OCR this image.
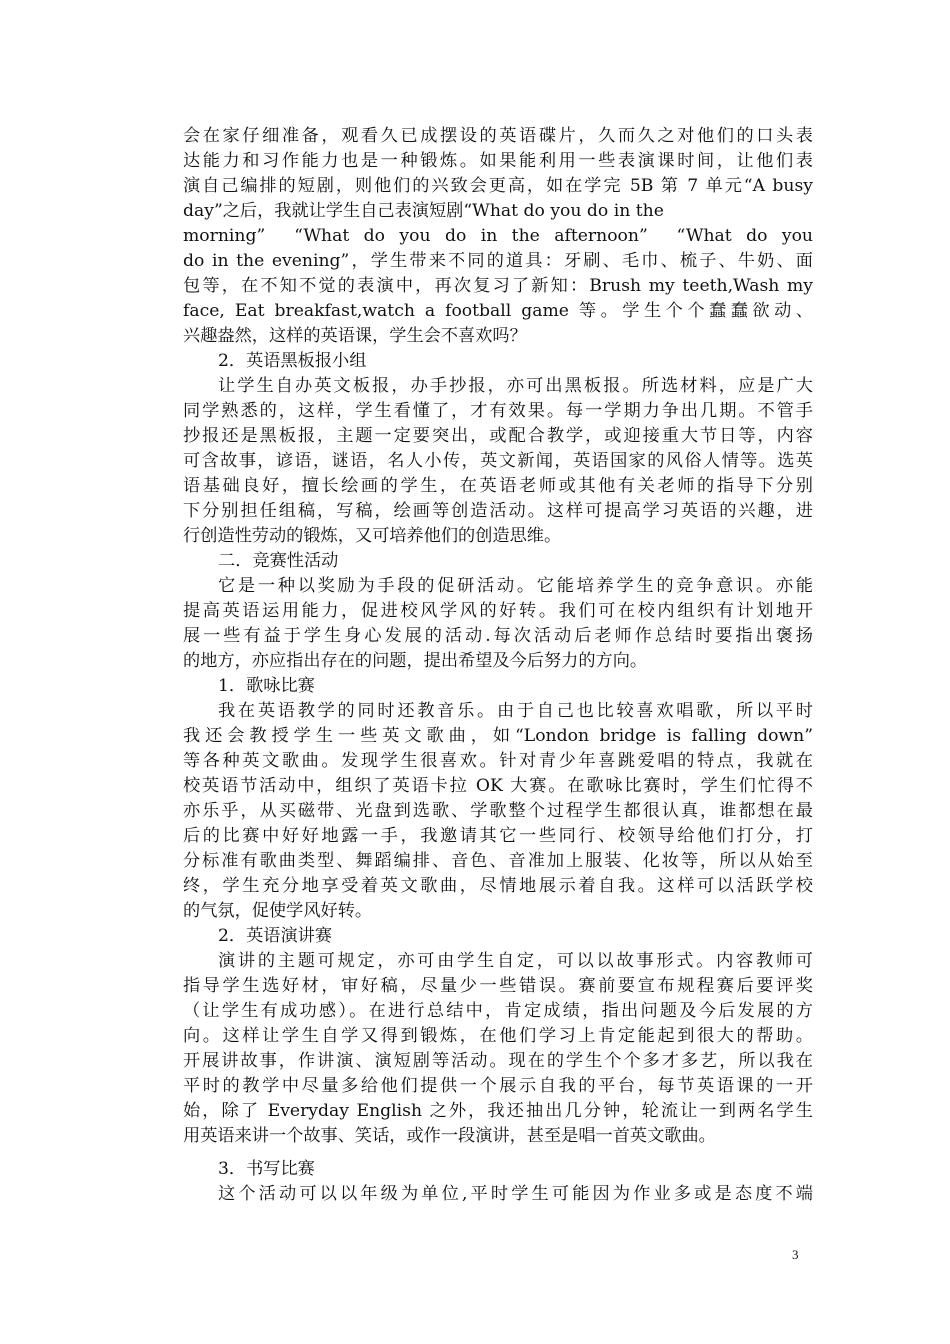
会在家仔细准备，观看久已成摆设的英语碟片，久而久之对他们的口头表
达能力和习作能力也是一种锻炼。如果能利用一些表演课时间，让他们表
演自己编排的短剧，则他们的兴致会更高，如在学完 5B 第 7 单元“A busy
day”之后，我就让学生自己表演短剧“What do you do in the
morning”  “What do you do in the afternoon”  “What do you
do in the evening”，学生带来不同的道具：牙刷、毛巾、梳子、牛奶、面
包等，在不知不觉的表演中，再次复习了新知：Brush my teeth,Wash my
face, Eat breakfast,watch a football game 等。学生个个蠢蠢欲动、
兴趣盎然，这样的英语课，学生会不喜欢吗？
2．英语黑板报小组
让学生自办英文板报，办手抄报，亦可出黑板报。所选材料，应是广大
同学熟悉的，这样，学生看懂了，才有效果。每一学期力争出几期。不管手
抄报还是黑板报，主题一定要突出，或配合教学，或迎接重大节日等，内容
可含故事，谚语，谜语，名人小传，英文新闻，英语国家的风俗人情等。选英
语基础良好，擅长绘画的学生，在英语老师或其他有关老师的指导下分别
下分别担任组稿，写稿，绘画等创造活动。这样可提高学习英语的兴趣，进
行创造性劳动的锻炼，又可培养他们的创造思维。
二．竞赛性活动
它是一种以奖励为手段的促研活动。它能培养学生的竞争意识。亦能
提高英语运用能力，促进校风学风的好转。我们可在校内组织有计划地开
展一些有益于学生身心发展的活动.每次活动后老师作总结时要指出褒扬
的地方，亦应指出存在的问题，提出希望及今后努力的方向。
1．歌咏比赛
我在英语教学的同时还教音乐。由于自己也比较喜欢唱歌，所以平时
我还会教授学生一些英文歌曲，如“London bridge is falling down”
等各种英文歌曲。发现学生很喜欢。针对青少年喜跳爱唱的特点，我就在
校英语节活动中，组织了英语卡拉 OK 大赛。在歌咏比赛时，学生们忙得不
亦乐乎，从买磁带、光盘到选歌、学歌整个过程学生都很认真，谁都想在最
后的比赛中好好地露一手，我邀请其它一些同行、校领导给他们打分，打
分标准有歌曲类型、舞蹈编排、音色、音准加上服装、化妆等，所以从始至
终，学生充分地享受着英文歌曲，尽情地展示着自我。这样可以活跃学校
的气氛，促使学风好转。
2．英语演讲赛
演讲的主题可规定，亦可由学生自定，可以以故事形式。内容教师可
指导学生选好材，审好稿，尽量少一些错误。赛前要宣布规程赛后要评奖
（让学生有成功感）。在进行总结中，肯定成绩，指出问题及今后发展的方
向。这样让学生自学又得到锻炼，在他们学习上肯定能起到很大的帮助。
开展讲故事，作讲演、演短剧等活动。现在的学生个个多才多艺，所以我在
平时的教学中尽量多给他们提供一个展示自我的平台，每节英语课的一开
始，除了 Everyday English 之外，我还抽出几分钟，轮流让一到两名学生
用英语来讲一个故事、笑话，或作一段演讲，甚至是唱一首英文歌曲。
3．书写比赛
这个活动可以以年级为单位,平时学生可能因为作业多或是态度不端
3
